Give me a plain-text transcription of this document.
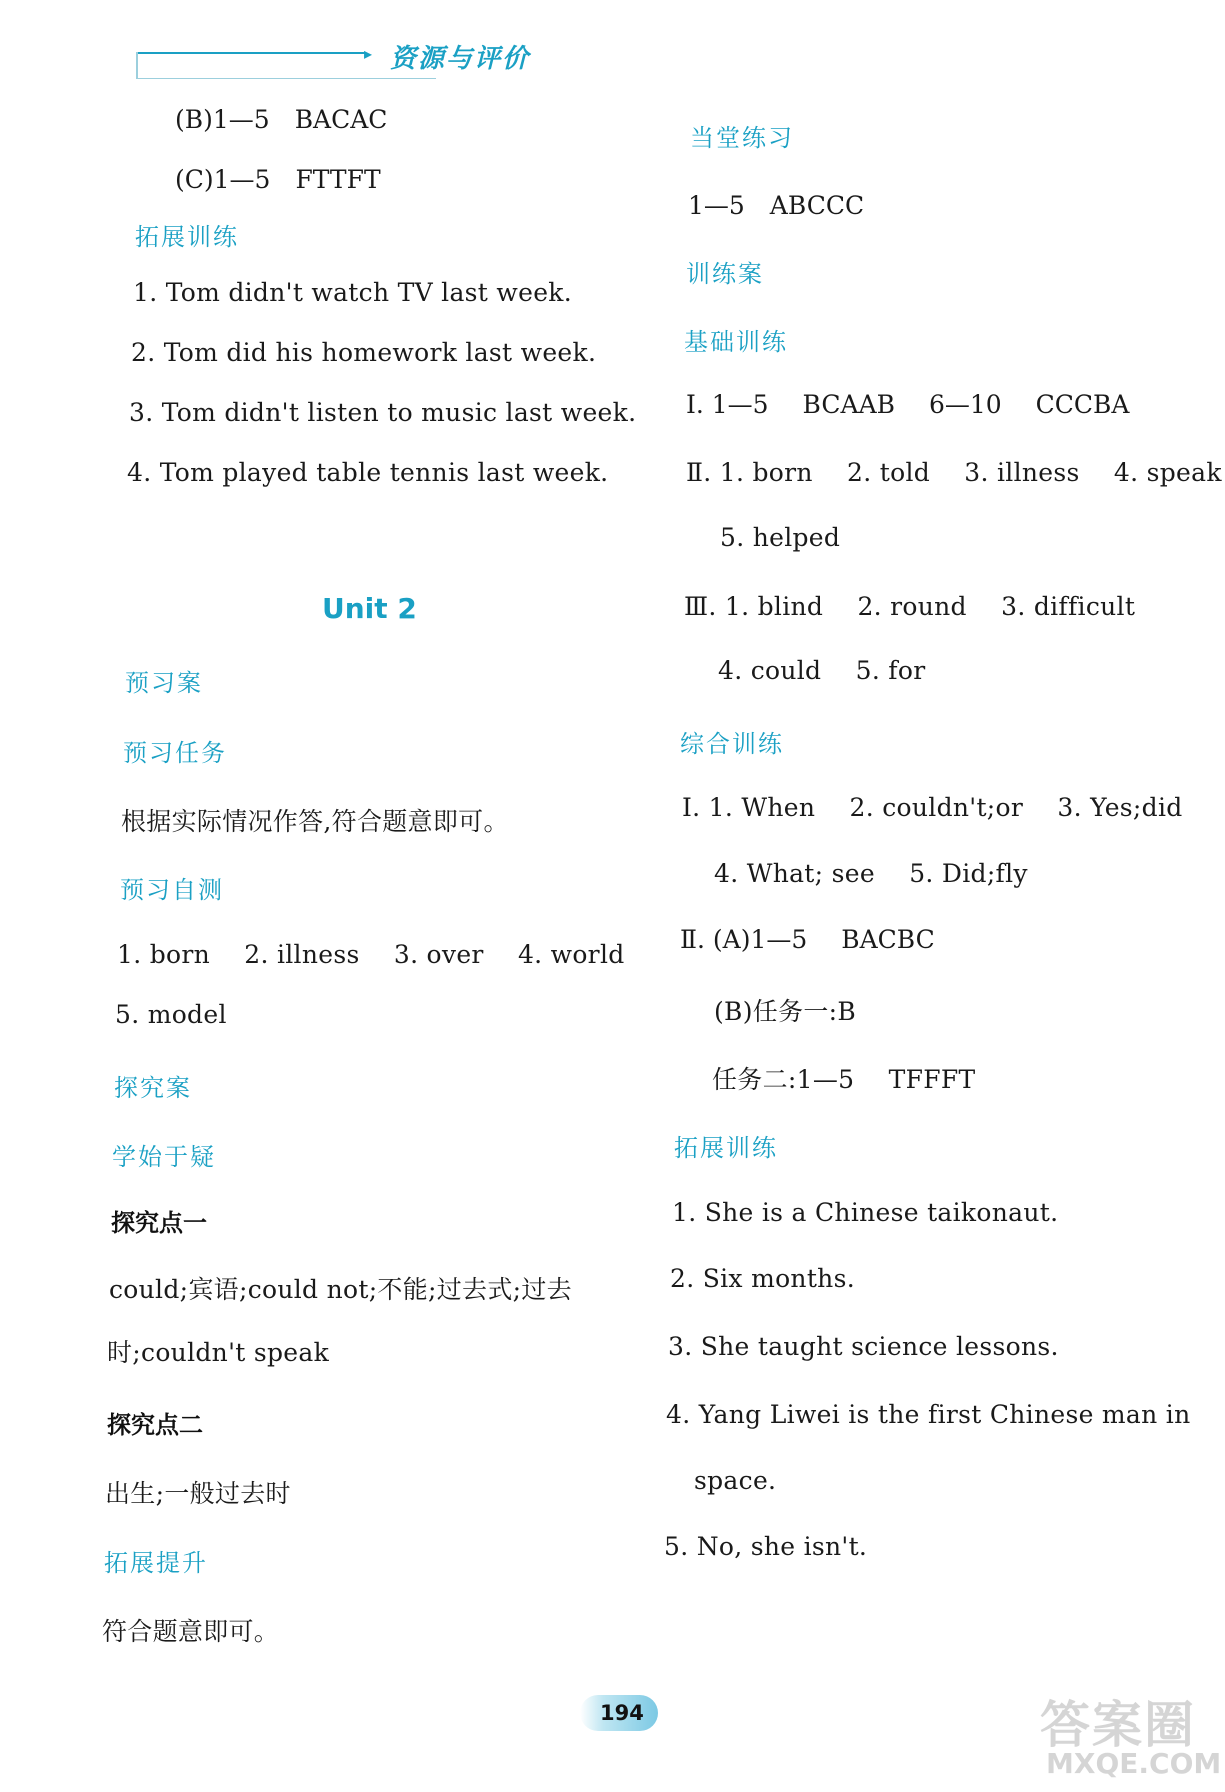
▸ 资源与评价
(B)1—5　BACAC
(C)1—5　FTTFT
拓展训练
1. Tom didn't watch TV last week.
2. Tom did his homework last week.
3. Tom didn't listen to music last week.
4. Tom played table tennis last week.
Unit 2
预习案
预习任务
根据实际情况作答,符合题意即可。
预习自测
1. born 2. illness 3. over 4. world
5. model
探究案
学始于疑
探究点一
could;宾语;could not;不能;过去式;过去
时;couldn't speak
探究点二
出生;一般过去时
拓展提升
符合题意即可。
当堂练习
1—5　ABCCC
训练案
基础训练
Ⅰ. 1—5 BCAAB 6—10 CCCBA
Ⅱ. 1. born 2. told 3. illness 4. speak
5. helped
Ⅲ. 1. blind 2. round 3. difficult
4. could 5. for
综合训练
Ⅰ. 1. When 2. couldn't;or 3. Yes;did
4. What; see 5. Did;fly
Ⅱ. (A)1—5 BACBC
(B)任务一:B
任务二:1—5 TFFFT
拓展训练
1. She is a Chinese taikonaut.
2. Six months.
3. She taught science lessons.
4. Yang Liwei is the first Chinese man in
space.
5. No, she isn't.
194	答案圈
MXQE.COM
